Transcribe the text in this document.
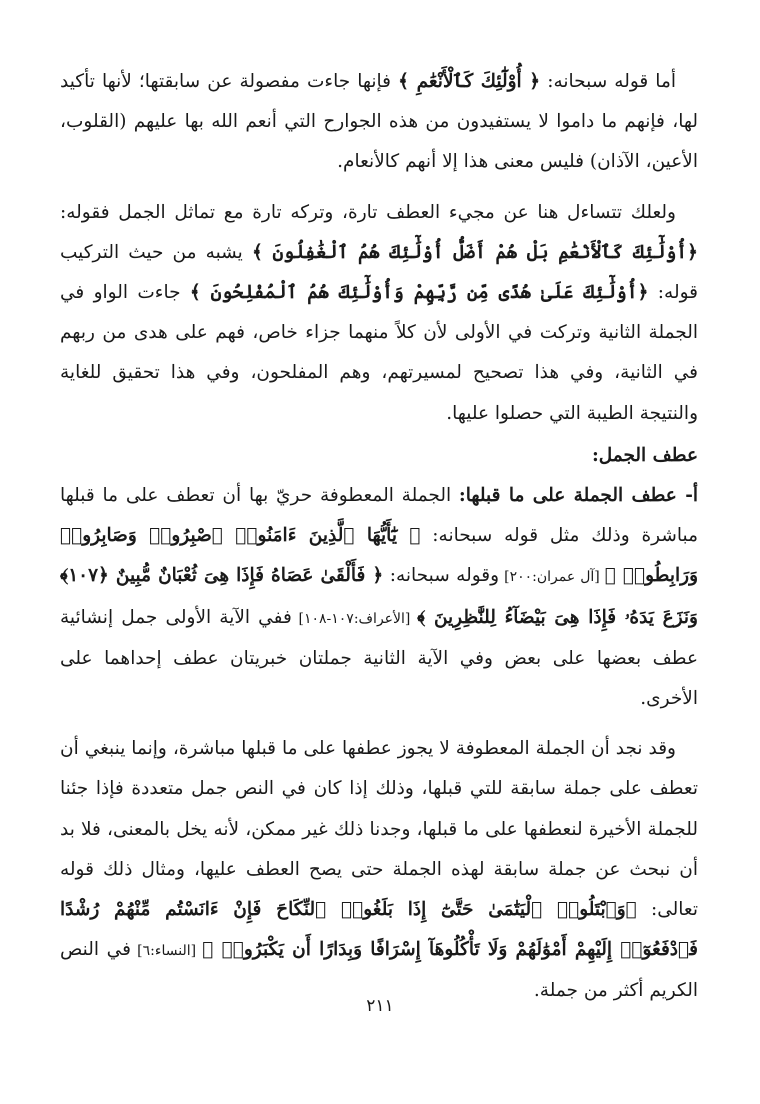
أما قوله سبحانه: ﴿ أُوْلَٰٓئِكَ كَٱلْأَنْعَٰمِ ﴾ فإنها جاءت مفصولة عن سابقتها؛ لأنها تأكيد لها، فإنهم ما داموا لا يستفيدون من هذه الجوارح التي أنعم الله بها عليهم (القلوب، الأعين، الآذان) فليس معنى هذا إلا أنهم كالأنعام.

ولعلك تتساءل هنا عن مجيء العطف تارة، وتركه تارة مع تماثل الجمل فقوله: ﴿أُوْلَٰٓئِكَ كَٱلْأَنْعَٰمِ بَلْ هُمْ أَضَلُّ أُوْلَٰٓئِكَ هُمُ ٱلْغَٰفِلُونَ ﴾ يشبه من حيث التركيب قوله: ﴿أُوْلَٰٓئِكَ عَلَىٰ هُدًى مِّن رَّبِّهِمْ وَأُوْلَٰٓئِكَ هُمُ ٱلْمُفْلِحُونَ ﴾ جاءت الواو في الجملة الثانية وتركت في الأولى لأن كلاً منهما جزاء خاص، فهم على هدى من ربهم في الثانية، وفي هذا تصحيح لمسيرتهم، وهم المفلحون، وفي هذا تحقيق للغاية والنتيجة الطيبة التي حصلوا عليها.

عطف الجمل:

أ- عطف الجملة على ما قبلها: الجملة المعطوفة حريّ بها أن تعطف على ما قبلها مباشرة وذلك مثل قوله سبحانه: ﴿ يَٰٓأَيُّهَا ٱلَّذِينَ ءَامَنُوا۟ ٱصْبِرُوا۟ وَصَابِرُوا۟ وَرَابِطُوا۟ ﴾ [آل عمران:٢٠٠] وقوله سبحانه: ﴿ فَأَلْقَىٰ عَصَاهُ فَإِذَا هِىَ ثُعْبَانٌ مُّبِينٌ ﴿١٠٧﴾ وَنَزَعَ يَدَهُۥ فَإِذَا هِىَ بَيْضَآءُ لِلنَّٰظِرِينَ ﴾ [الأعراف:١٠٧-١٠٨] ففي الآية الأولى جمل إنشائية عطف بعضها على بعض وفي الآية الثانية جملتان خبريتان عطف إحداهما على الأخرى.

وقد نجد أن الجملة المعطوفة لا يجوز عطفها على ما قبلها مباشرة، وإنما ينبغي أن تعطف على جملة سابقة للتي قبلها، وذلك إذا كان في النص جمل متعددة فإذا جئنا للجملة الأخيرة لنعطفها على ما قبلها، وجدنا ذلك غير ممكن، لأنه يخل بالمعنى، فلا بد أن نبحث عن جملة سابقة لهذه الجملة حتى يصح العطف عليها، ومثال ذلك قوله تعالى: ﴿وَٱبْتَلُوا۟ ٱلْيَتَٰمَىٰ حَتَّىٰٓ إِذَا بَلَغُوا۟ ٱلنِّكَاحَ فَإِنْ ءَانَسْتُم مِّنْهُمْ رُشْدًا فَٱدْفَعُوٓا۟ إِلَيْهِمْ أَمْوَٰلَهُمْ وَلَا تَأْكُلُوهَآ إِسْرَافًا وَبِدَارًا أَن يَكْبَرُوا۟ ﴾ [النساء:٦] في النص الكريم أكثر من جملة.

٢١١
